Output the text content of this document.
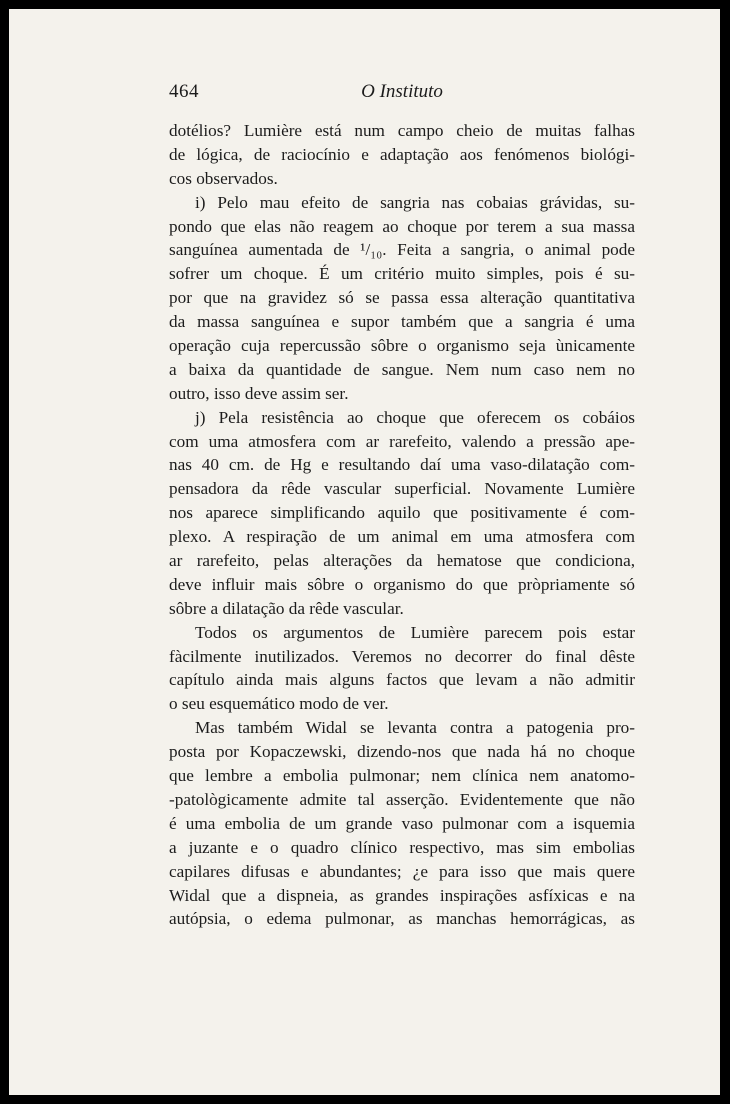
464	O Instituto
dotélios? Lumière está num campo cheio de muitas falhas
de lógica, de raciocínio e adaptação aos fenómenos biológi-
cos observados.
i) Pelo mau efeito de sangria nas cobaias grávidas, su-
pondo que elas não reagem ao choque por terem a sua massa
sanguínea aumentada de ¹/₁₀. Feita a sangria, o animal pode
sofrer um choque. É um critério muito simples, pois é su-
por que na gravidez só se passa essa alteração quantitativa
da massa sanguínea e supor também que a sangria é uma
operação cuja repercussão sôbre o organismo seja ùnicamente
a baixa da quantidade de sangue. Nem num caso nem no
outro, isso deve assim ser.
j) Pela resistência ao choque que oferecem os cobáios
com uma atmosfera com ar rarefeito, valendo a pressão ape-
nas 40 cm. de Hg e resultando daí uma vaso-dilatação com-
pensadora da rêde vascular superficial. Novamente Lumière
nos aparece simplificando aquilo que positivamente é com-
plexo. A respiração de um animal em uma atmosfera com
ar rarefeito, pelas alterações da hematose que condiciona,
deve influir mais sôbre o organismo do que pròpriamente só
sôbre a dilatação da rêde vascular.
Todos os argumentos de Lumière parecem pois estar
fàcilmente inutilizados. Veremos no decorrer do final dêste
capítulo ainda mais alguns factos que levam a não admitir
o seu esquemático modo de ver.
Mas também Widal se levanta contra a patogenia pro-
posta por Kopaczewski, dizendo-nos que nada há no choque
que lembre a embolia pulmonar; nem clínica nem anatomo-
-patològicamente admite tal asserção. Evidentemente que não
é uma embolia de um grande vaso pulmonar com a isquemia
a juzante e o quadro clínico respectivo, mas sim embolias
capilares difusas e abundantes; ¿e para isso que mais quere
Widal que a dispneia, as grandes inspirações asfíxicas e na
autópsia, o edema pulmonar, as manchas hemorrágicas, as
